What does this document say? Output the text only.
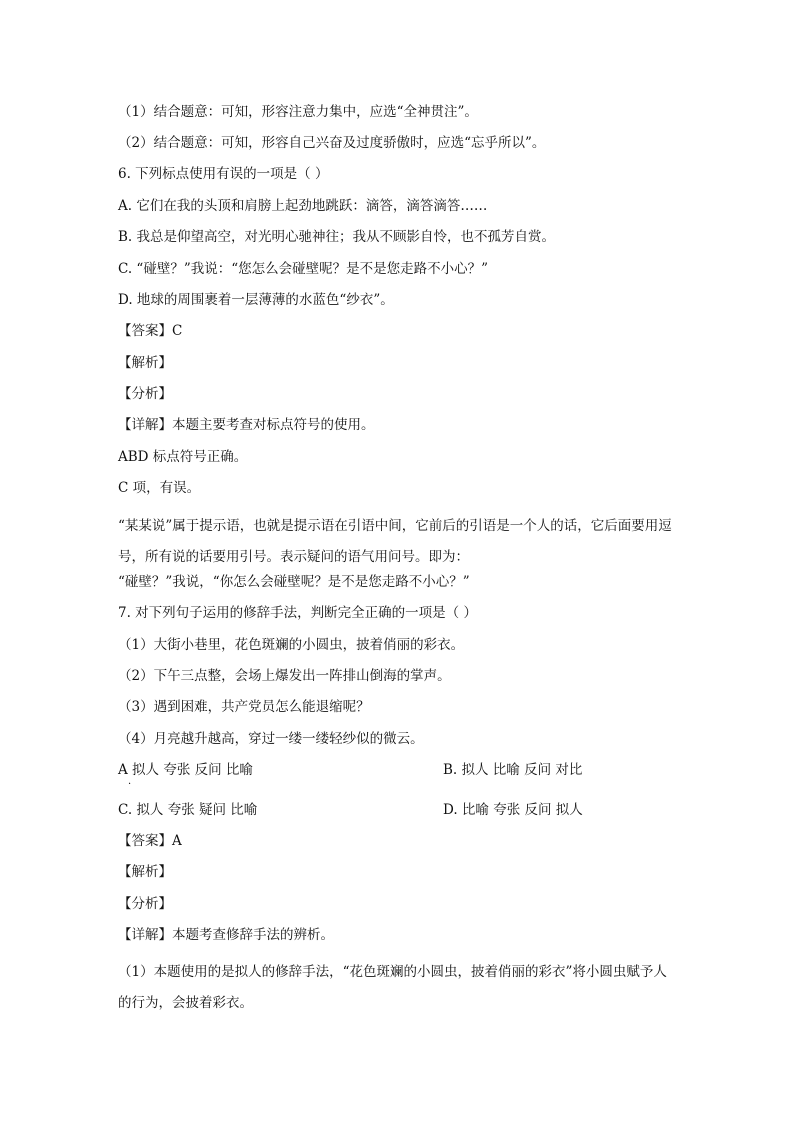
（1）结合题意：可知，形容注意力集中，应选“全神贯注”。
（2）结合题意：可知，形容自己兴奋及过度骄傲时，应选“忘乎所以”。
6. 下列标点使用有误的一项是（ ）
A. 它们在我的头顶和肩膀上起劲地跳跃：滴答，滴答滴答……
B. 我总是仰望高空，对光明心驰神往；我从不顾影自怜，也不孤芳自赏。
C. “碰壁？”我说：“您怎么会碰壁呢？是不是您走路不小心？”
D. 地球的周围裹着一层薄薄的水蓝色“纱衣”。
【答案】C
【解析】
【分析】
【详解】本题主要考查对标点符号的使用。
ABD 标点符号正确。
C 项，有误。
“某某说”属于提示语，也就是提示语在引语中间，它前后的引语是一个人的话，它后面要用逗号，所有说的话要用引号。表示疑问的语气用问号。即为：
“碰壁？”我说，“你怎么会碰壁呢？是不是您走路不小心？”
7. 对下列句子运用的修辞手法，判断完全正确的一项是（ ）
（1）大街小巷里，花色斑斓的小圆虫，披着俏丽的彩衣。
（2）下午三点整，会场上爆发出一阵排山倒海的掌声。
（3）遇到困难，共产党员怎么能退缩呢？
（4）月亮越升越高，穿过一缕一缕轻纱似的微云。
A 拟人 夸张 反问 比喻
·
B. 拟人 比喻 反问 对比
C. 拟人 夸张 疑问 比喻	D. 比喻 夸张 反问 拟人
【答案】A
【解析】
【分析】
【详解】本题考查修辞手法的辨析。
（1）本题使用的是拟人的修辞手法，“花色斑斓的小圆虫，披着俏丽的彩衣”将小圆虫赋予人的行为，会披着彩衣。
